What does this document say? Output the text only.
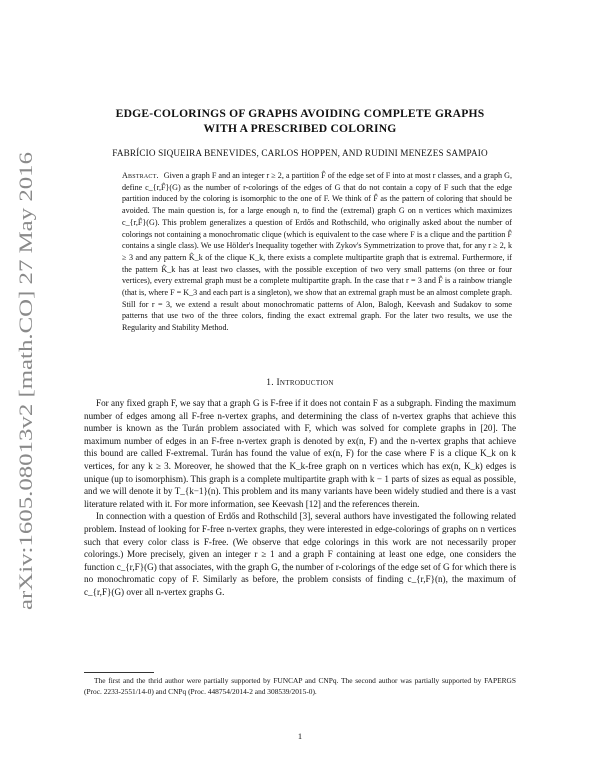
arXiv:1605.08013v2 [math.CO] 27 May 2016
EDGE-COLORINGS OF GRAPHS AVOIDING COMPLETE GRAPHS
WITH A PRESCRIBED COLORING
FABRÍCIO SIQUEIRA BENEVIDES, CARLOS HOPPEN, AND RUDINI MENEZES SAMPAIO
Abstract. Given a graph F and an integer r ≥ 2, a partition F̂ of the edge set of F into at most r classes, and a graph G, define c_{r,F̂}(G) as the number of r-colorings of the edges of G that do not contain a copy of F such that the edge partition induced by the coloring is isomorphic to the one of F. We think of F̂ as the pattern of coloring that should be avoided. The main question is, for a large enough n, to find the (extremal) graph G on n vertices which maximizes c_{r,F̂}(G). This problem generalizes a question of Erdős and Rothschild, who originally asked about the number of colorings not containing a monochromatic clique (which is equivalent to the case where F is a clique and the partition F̂ contains a single class). We use Hölder's Inequality together with Zykov's Symmetrization to prove that, for any r ≥ 2, k ≥ 3 and any pattern K̂_k of the clique K_k, there exists a complete multipartite graph that is extremal. Furthermore, if the pattern K̂_k has at least two classes, with the possible exception of two very small patterns (on three or four vertices), every extremal graph must be a complete multipartite graph. In the case that r = 3 and F̂ is a rainbow triangle (that is, where F = K_3 and each part is a singleton), we show that an extremal graph must be an almost complete graph. Still for r = 3, we extend a result about monochromatic patterns of Alon, Balogh, Keevash and Sudakov to some patterns that use two of the three colors, finding the exact extremal graph. For the later two results, we use the Regularity and Stability Method.
1. Introduction

For any fixed graph F, we say that a graph G is F-free if it does not contain F as a subgraph. Finding the maximum number of edges among all F-free n-vertex graphs, and determining the class of n-vertex graphs that achieve this number is known as the Turán problem associated with F, which was solved for complete graphs in [20]. The maximum number of edges in an F-free n-vertex graph is denoted by ex(n, F) and the n-vertex graphs that achieve this bound are called F-extremal. Turán has found the value of ex(n, F) for the case where F is a clique K_k on k vertices, for any k ≥ 3. Moreover, he showed that the K_k-free graph on n vertices which has ex(n, K_k) edges is unique (up to isomorphism). This graph is a complete multipartite graph with k − 1 parts of sizes as equal as possible, and we will denote it by T_{k−1}(n). This problem and its many variants have been widely studied and there is a vast literature related with it. For more information, see Keevash [12] and the references therein.

In connection with a question of Erdős and Rothschild [3], several authors have investigated the following related problem. Instead of looking for F-free n-vertex graphs, they were interested in edge-colorings of graphs on n vertices such that every color class is F-free. (We observe that edge colorings in this work are not necessarily proper colorings.) More precisely, given an integer r ≥ 1 and a graph F containing at least one edge, one considers the function c_{r,F}(G) that associates, with the graph G, the number of r-colorings of the edge set of G for which there is no monochromatic copy of F. Similarly as before, the problem consists of finding c_{r,F}(n), the maximum of c_{r,F}(G) over all n-vertex graphs G.

The first and the thrid author were partially supported by FUNCAP and CNPq. The second author was partially supported by FAPERGS (Proc. 2233-2551/14-0) and CNPq (Proc. 448754/2014-2 and 308539/2015-0).
1
